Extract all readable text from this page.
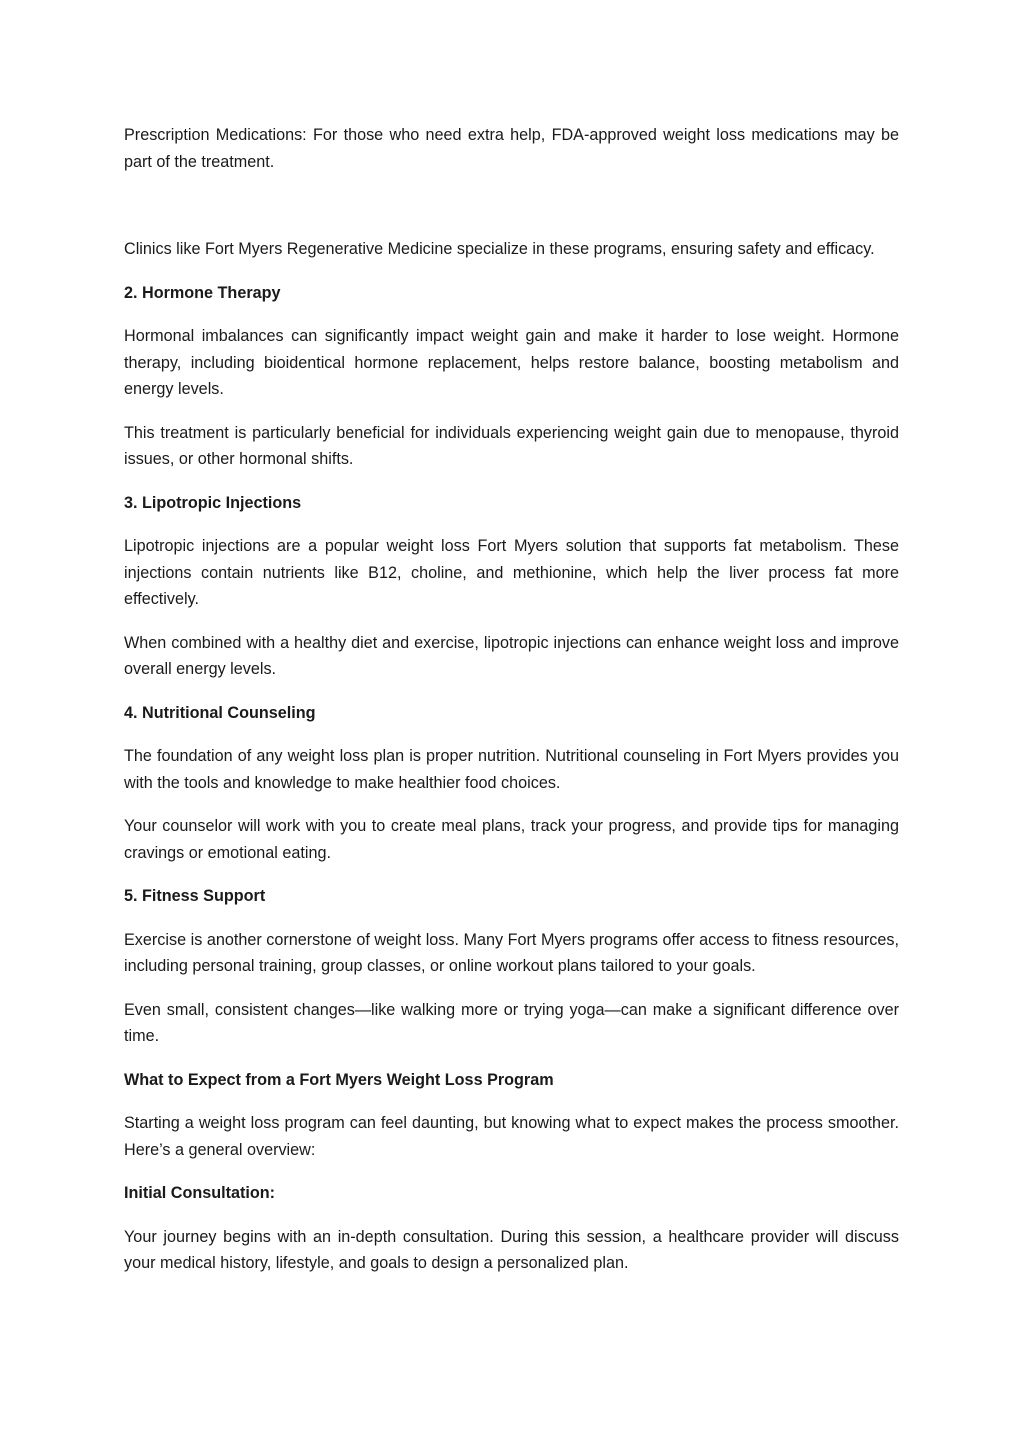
Prescription Medications: For those who need extra help, FDA-approved weight loss medications may be part of the treatment.

Clinics like Fort Myers Regenerative Medicine specialize in these programs, ensuring safety and efficacy.

2. Hormone Therapy

Hormonal imbalances can significantly impact weight gain and make it harder to lose weight. Hormone therapy, including bioidentical hormone replacement, helps restore balance, boosting metabolism and energy levels.

This treatment is particularly beneficial for individuals experiencing weight gain due to menopause, thyroid issues, or other hormonal shifts.

3. Lipotropic Injections

Lipotropic injections are a popular weight loss Fort Myers solution that supports fat metabolism. These injections contain nutrients like B12, choline, and methionine, which help the liver process fat more effectively.

When combined with a healthy diet and exercise, lipotropic injections can enhance weight loss and improve overall energy levels.

4. Nutritional Counseling

The foundation of any weight loss plan is proper nutrition. Nutritional counseling in Fort Myers provides you with the tools and knowledge to make healthier food choices.

Your counselor will work with you to create meal plans, track your progress, and provide tips for managing cravings or emotional eating.

5. Fitness Support

Exercise is another cornerstone of weight loss. Many Fort Myers programs offer access to fitness resources, including personal training, group classes, or online workout plans tailored to your goals.

Even small, consistent changes—like walking more or trying yoga—can make a significant difference over time.

What to Expect from a Fort Myers Weight Loss Program

Starting a weight loss program can feel daunting, but knowing what to expect makes the process smoother. Here’s a general overview:

Initial Consultation:

Your journey begins with an in-depth consultation. During this session, a healthcare provider will discuss your medical history, lifestyle, and goals to design a personalized plan.
